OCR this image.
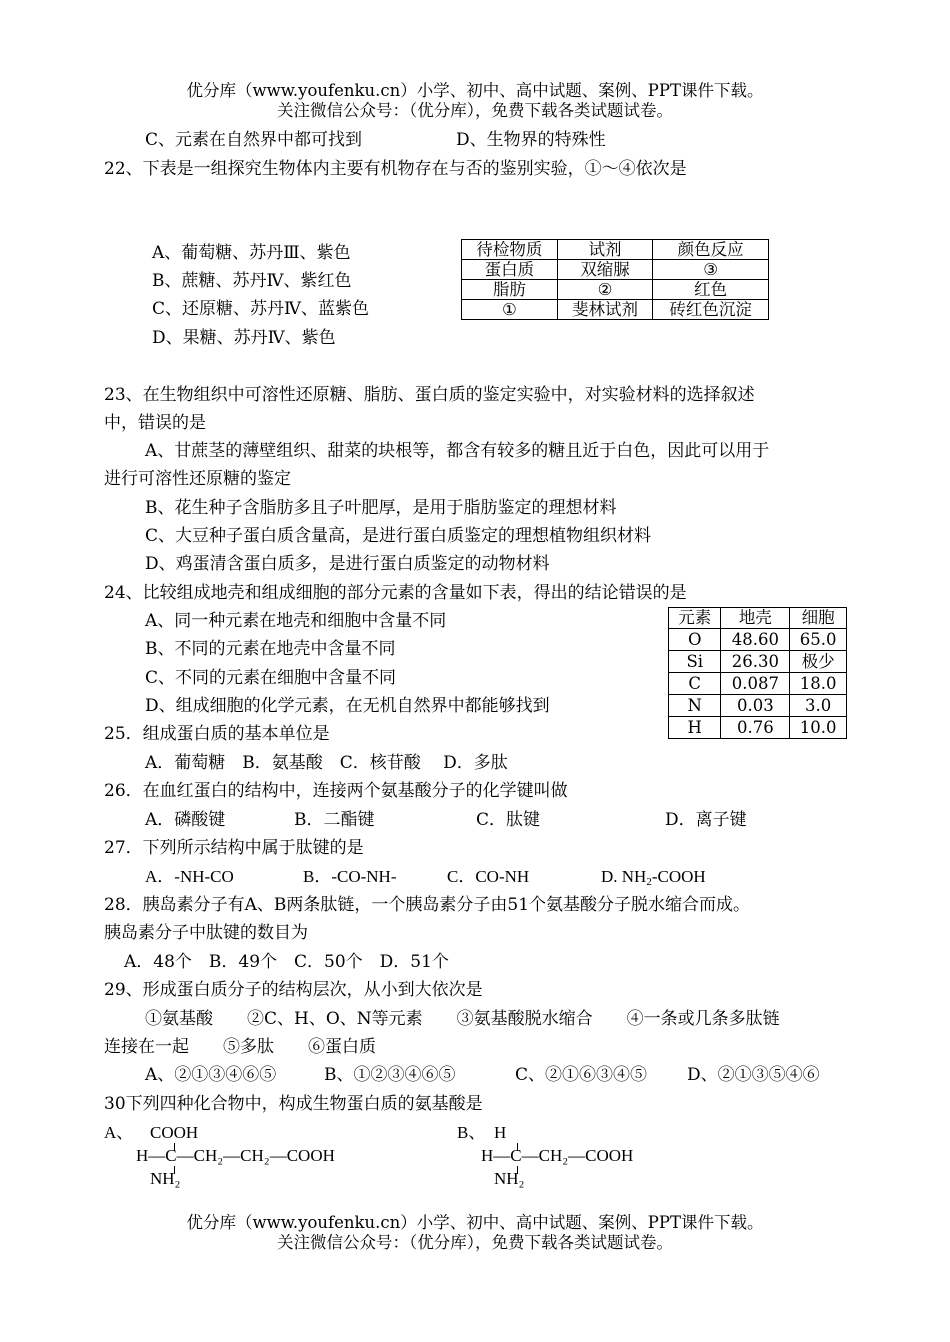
优分库（www.youfenku.cn）小学、初中、高中试题、案例、PPT课件下载。
关注微信公众号：（优分库），免费下载各类试题试卷。
C、元素在自然界中都可找到	D、生物界的特殊性
22、下表是一组探究生物体内主要有机物存在与否的鉴别实验，①～④依次是
A、葡萄糖、苏丹Ⅲ、紫色
B、蔗糖、苏丹Ⅳ、紫红色
C、还原糖、苏丹Ⅳ、蓝紫色
D、果糖、苏丹Ⅳ、紫色
待检物质	试剂	颜色反应
蛋白质	双缩脲	③
脂肪	②	红色
①	斐林试剂	砖红色沉淀
23、在生物组织中可溶性还原糖、脂肪、蛋白质的鉴定实验中，对实验材料的选择叙述
中，错误的是
A、甘蔗茎的薄壁组织、甜菜的块根等，都含有较多的糖且近于白色，因此可以用于
进行可溶性还原糖的鉴定
B、花生种子含脂肪多且子叶肥厚，是用于脂肪鉴定的理想材料
C、大豆种子蛋白质含量高，是进行蛋白质鉴定的理想植物组织材料
D、鸡蛋清含蛋白质多，是进行蛋白质鉴定的动物材料
24、比较组成地壳和组成细胞的部分元素的含量如下表，得出的结论错误的是
A、同一种元素在地壳和细胞中含量不同
B、不同的元素在地壳中含量不同
C、不同的元素在细胞中含量不同
D、组成细胞的化学元素，在无机自然界中都能够找到
元素	地壳	细胞
O	48.60	65.0
Si	26.30	极少
C	0.087	18.0
N	0.03	3.0
H	0.76	10.0
25．组成蛋白质的基本单位是
A．葡萄糖　B．氨基酸　C．核苷酸　 D．多肽
26．在血红蛋白的结构中，连接两个氨基酸分子的化学键叫做
A．磷酸键	B．二酯键	C．肽键	D．离子键
27．下列所示结构中属于肽键的是
A．-NH-CO	B．-CO-NH-	C．CO-NH	D. $NH_2$-COOH
28．胰岛素分子有A、B两条肽链，一个胰岛素分子由51个氨基酸分子脱水缩合而成。
胰岛素分子中肽键的数目为
A．48个　B．49个　C．50个　D．51个
29、形成蛋白质分子的结构层次，从小到大依次是
①氨基酸　　②C、H、O、N等元素　　③氨基酸脱水缩合　　④一条或几条多肽链
连接在一起　　⑤多肽　　⑥蛋白质
A、②①③④⑥⑤	B、①②③④⑥⑤	C、②①⑥③④⑤ D、②①③⑤④⑥
30下列四种化合物中，构成生物蛋白质的氨基酸是
A、 COOH
H—C—CH₂—CH₂—COOH
NH₂
B、 H
H—C—CH₂—COOH
NH₂
优分库（www.youfenku.cn）小学、初中、高中试题、案例、PPT课件下载。
关注微信公众号：（优分库），免费下载各类试题试卷。
